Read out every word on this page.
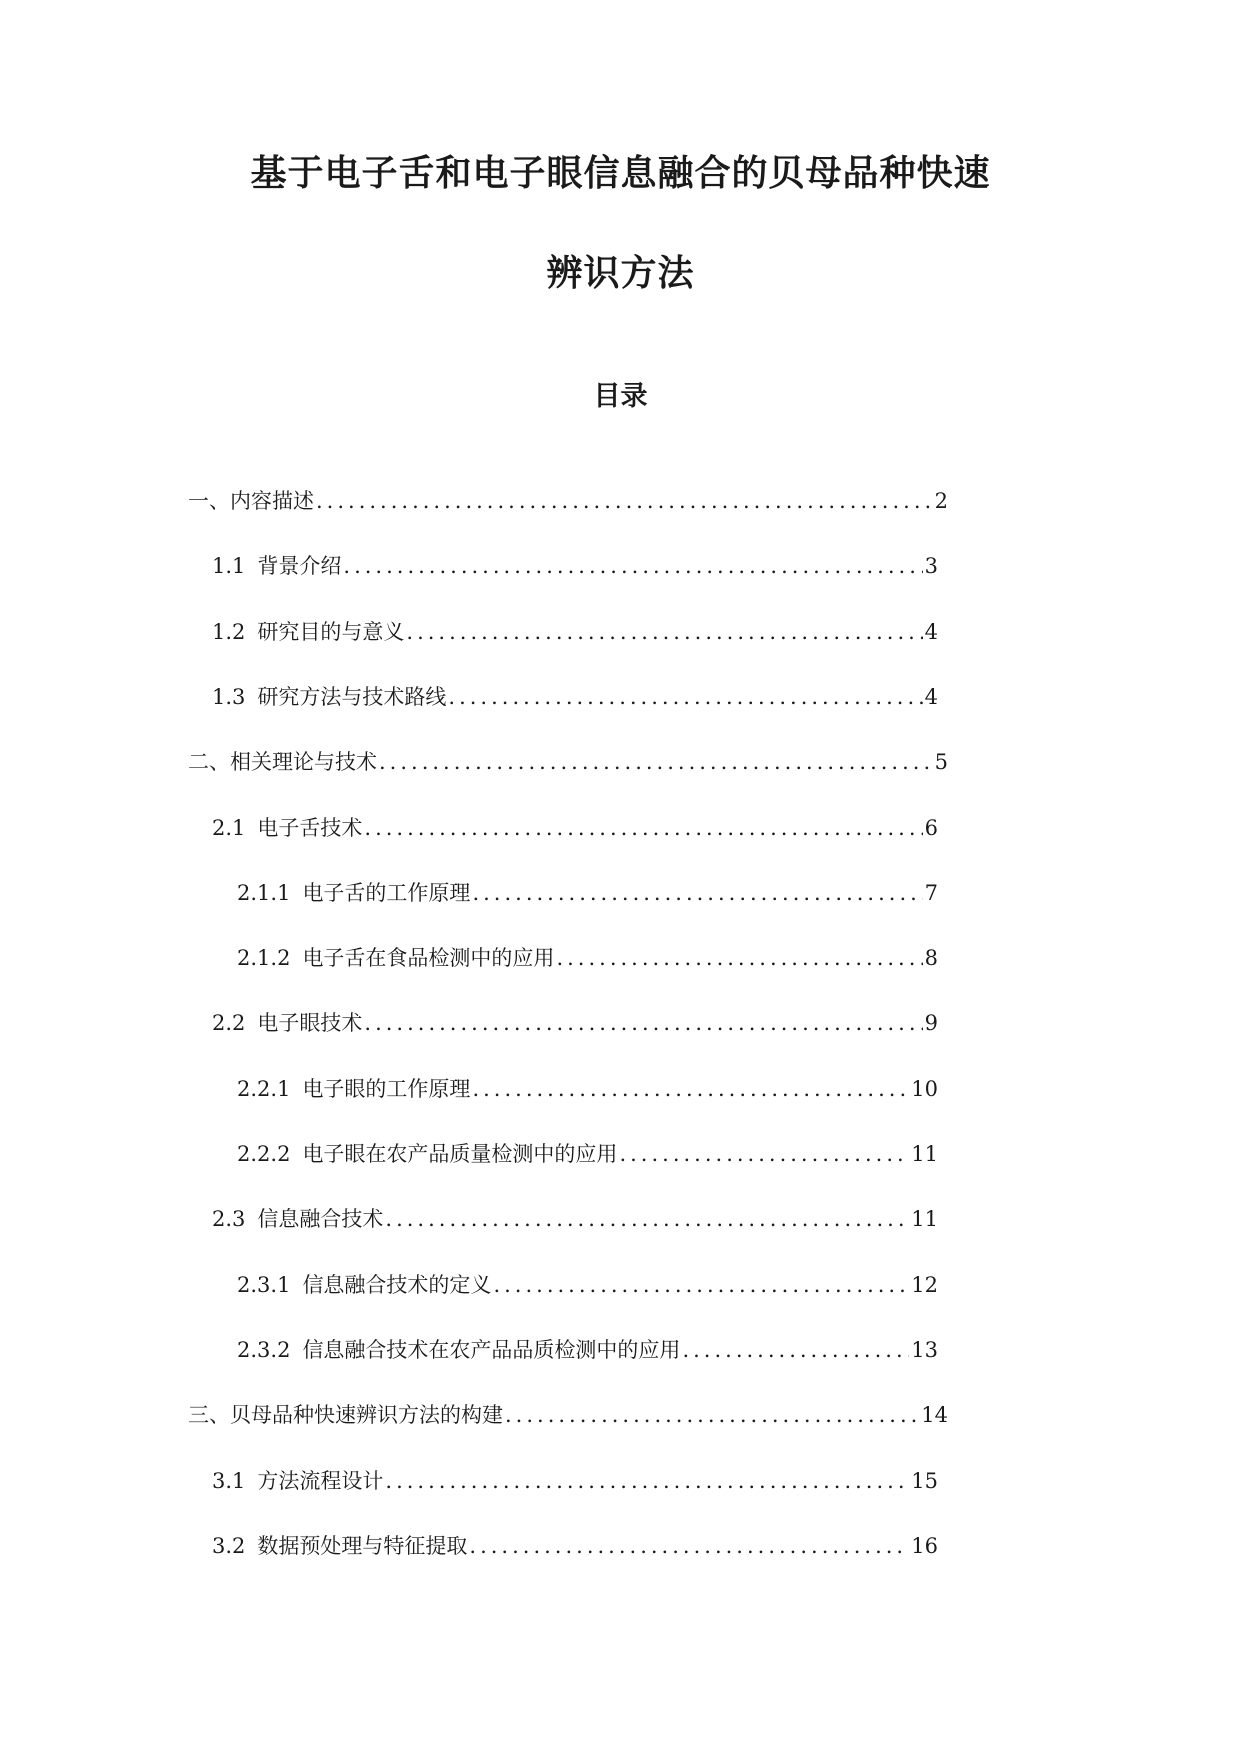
基于电子舌和电子眼信息融合的贝母品种快速
辨识方法
目录
一、内容描述 .....	2
1.1 背景介绍 .....	3
1.2 研究目的与意义 .....	4
1.3 研究方法与技术路线 .....	4
二、相关理论与技术 .....	5
2.1 电子舌技术 .....	6
2.1.1 电子舌的工作原理 .....	7
2.1.2 电子舌在食品检测中的应用 .....	8
2.2 电子眼技术 .....	9
2.2.1 电子眼的工作原理 .....	10
2.2.2 电子眼在农产品质量检测中的应用 .....	11
2.3 信息融合技术 .....	11
2.3.1 信息融合技术的定义 .....	12
2.3.2 信息融合技术在农产品品质检测中的应用 .....	13
三、贝母品种快速辨识方法的构建 .....	14
3.1 方法流程设计 .....	15
3.2 数据预处理与特征提取 .....	16
